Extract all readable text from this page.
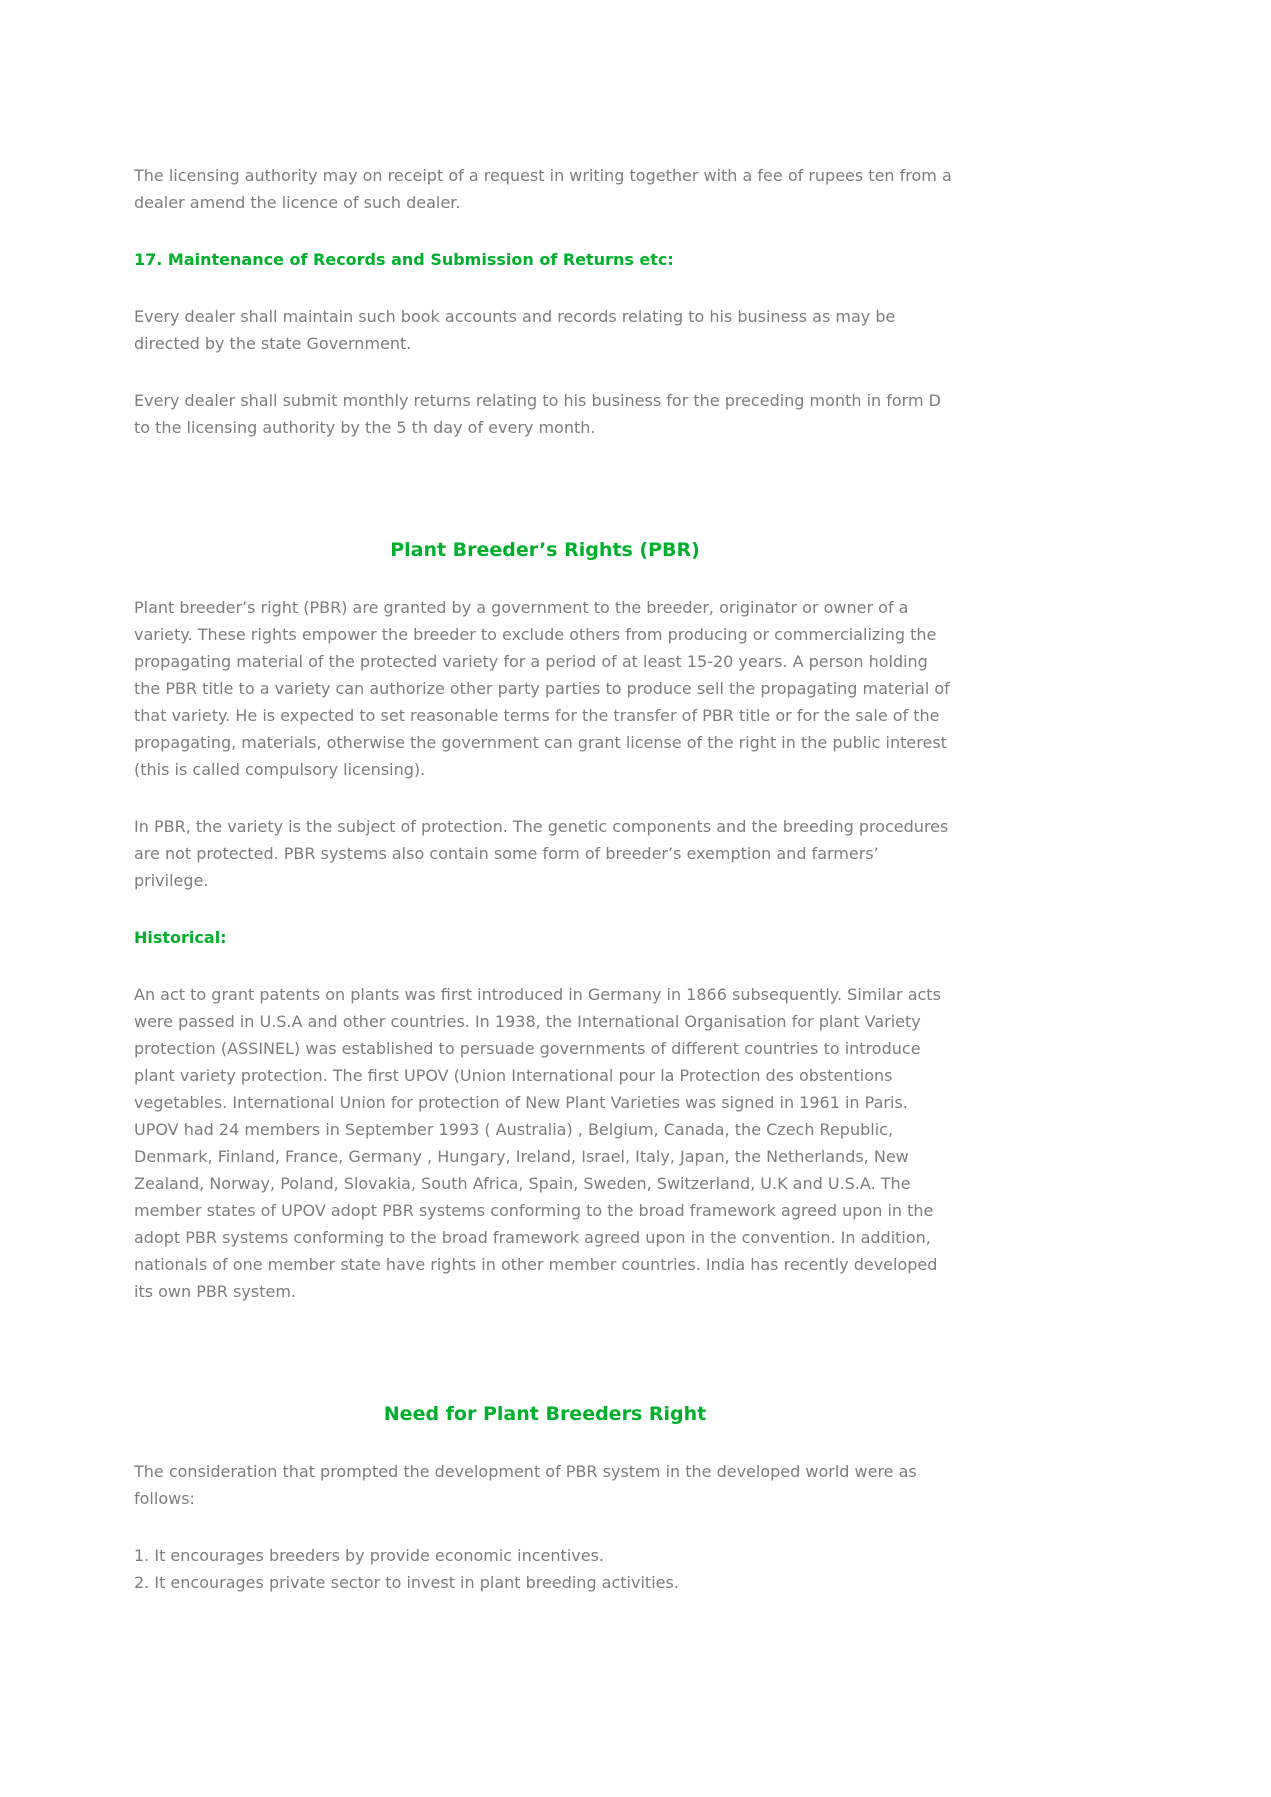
The licensing authority may on receipt of a request in writing together with a fee of rupees ten from a dealer amend the licence of such dealer.

17. Maintenance of Records and Submission of Returns etc:

Every dealer shall maintain such book accounts and records relating to his business as may be directed by the state Government.

Every dealer shall submit monthly returns relating to his business for the preceding month in form D to the licensing authority by the 5 th day of every month.

Plant Breeder’s Rights (PBR)

Plant breeder’s right (PBR) are granted by a government to the breeder, originator or owner of a variety. These rights empower the breeder to exclude others from producing or commercializing the propagating material of the protected variety for a period of at least 15-20 years. A person holding the PBR title to a variety can authorize other party parties to produce sell the propagating material of that variety. He is expected to set reasonable terms for the transfer of PBR title or for the sale of the propagating, materials, otherwise the government can grant license of the right in the public interest (this is called compulsory licensing).

In PBR, the variety is the subject of protection. The genetic components and the breeding procedures are not protected. PBR systems also contain some form of breeder’s exemption and farmers’ privilege.

Historical:

An act to grant patents on plants was first introduced in Germany in 1866 subsequently. Similar acts were passed in U.S.A and other countries. In 1938, the International Organisation for plant Variety protection (ASSINEL) was established to persuade governments of different countries to introduce plant variety protection. The first UPOV (Union International pour la Protection des obstentions vegetables. International Union for protection of New Plant Varieties was signed in 1961 in Paris. UPOV had 24 members in September 1993 ( Australia) , Belgium, Canada, the Czech Republic, Denmark, Finland, France, Germany , Hungary, Ireland, Israel, Italy, Japan, the Netherlands, New Zealand, Norway, Poland, Slovakia, South Africa, Spain, Sweden, Switzerland, U.K and U.S.A. The member states of UPOV adopt PBR systems conforming to the broad framework agreed upon in the adopt PBR systems conforming to the broad framework agreed upon in the convention. In addition, nationals of one member state have rights in other member countries. India has recently developed its own PBR system.

Need for Plant Breeders Right

The consideration that prompted the development of PBR system in the developed world were as follows:

1. It encourages breeders by provide economic incentives.
2. It encourages private sector to invest in plant breeding activities.
